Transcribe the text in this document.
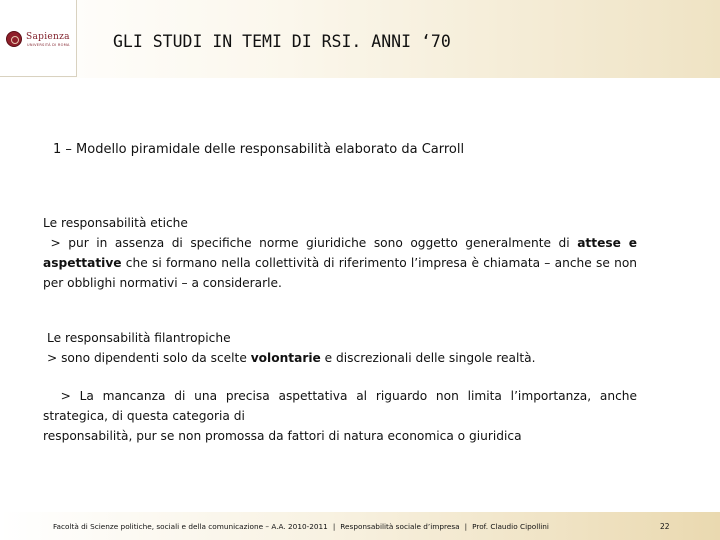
Sapienza
UNIVERSITÀ DI ROMA	GLI STUDI IN TEMI DI RSI. ANNI ‘70
1 – Modello piramidale delle responsabilità elaborato da Carroll
Le responsabilità etiche
> pur in assenza di specifiche norme giuridiche sono oggetto generalmente di attese e aspettative che si formano nella collettività di riferimento l’impresa è chiamata – anche se non per obblighi normativi – a considerarle.
Le responsabilità filantropiche
> sono dipendenti solo da scelte volontarie e discrezionali delle singole realtà.
> La mancanza di una precisa aspettativa al riguardo non limita l’importanza, anche strategica, di questa categoria di
responsabilità, pur se non promossa da fattori di natura economica o giuridica
Facoltà di Scienze politiche, sociali e della comunicazione – A.A. 2010-2011 | Responsabilità sociale d’impresa | Prof. Claudio Cipollini	22
